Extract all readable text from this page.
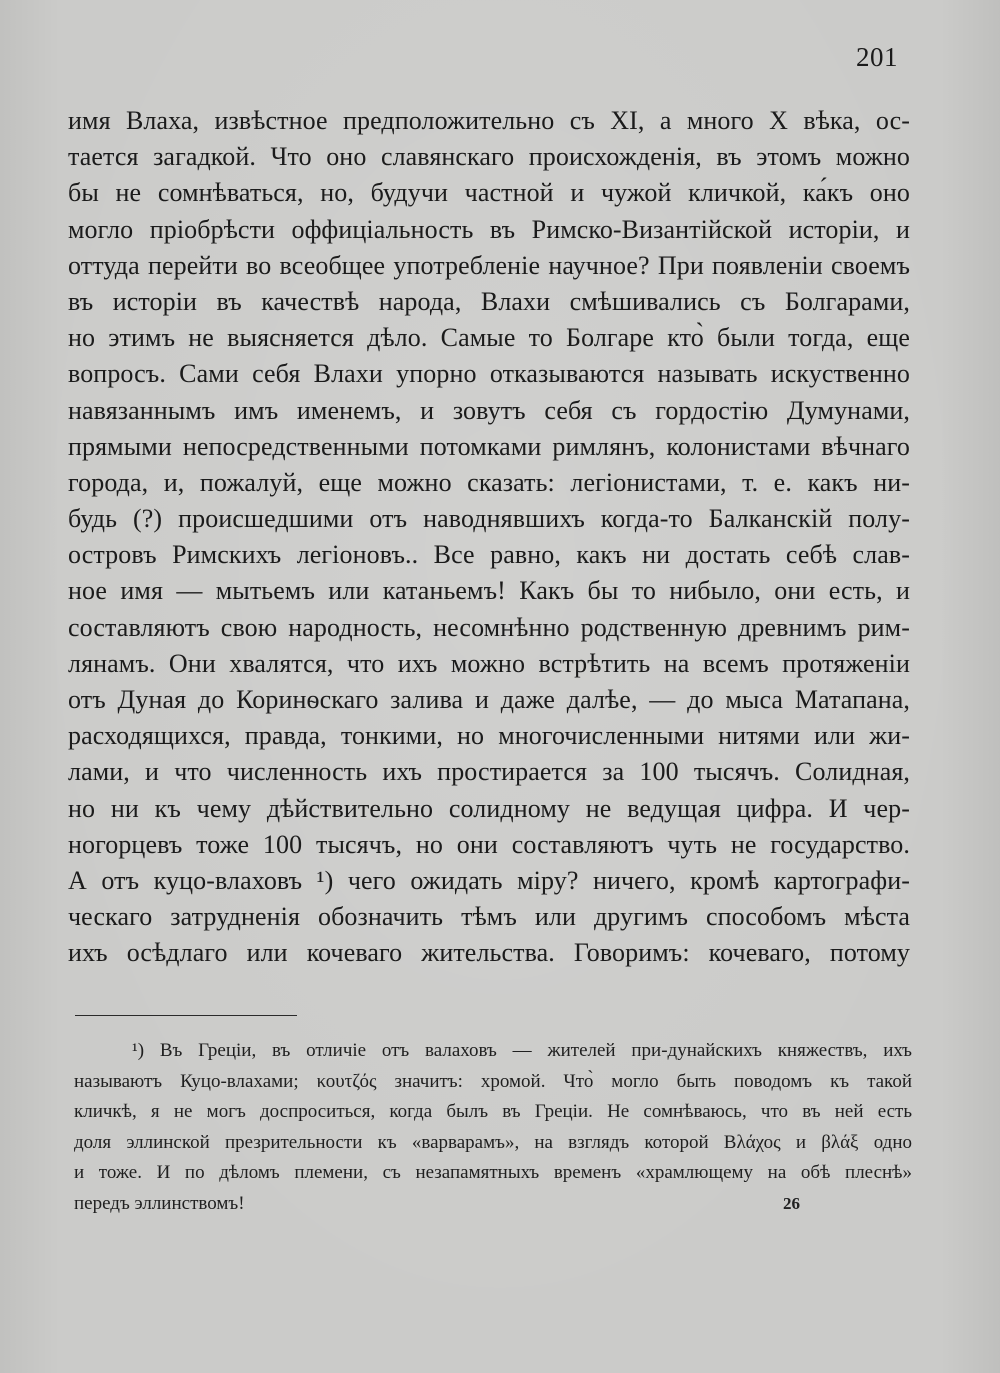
201
имя Влаха, извѣстное предположительно съ XI, а много X вѣка, ос-
тается загадкой. Что оно славянскаго происхожденія, въ этомъ можно
бы не сомнѣваться, но, будучи частной и чужой кличкой, ка́къ оно
могло пріобрѣсти оффиціальность въ Римско-Византійской исторіи, и
оттуда перейти во всеобщее употребленіе научное? При появленіи своемъ
въ исторіи въ качествѣ народа, Влахи смѣшивались съ Болгарами,
но этимъ не выясняется дѣло. Самые то Болгаре кто̀ были тогда, еще
вопросъ. Сами себя Влахи упорно отказываются называть искуственно
навязаннымъ имъ именемъ, и зовутъ себя съ гордостію Думунами,
прямыми непосредственными потомками римлянъ, колонистами вѣчнаго
города, и, пожалуй, еще можно сказать: легіонистами, т. е. какъ ни-
будь (?) происшедшими отъ наводнявшихъ когда-то Балканскій полу-
островъ Римскихъ легіоновъ.. Все равно, какъ ни достать себѣ слав-
ное имя — мытьемъ или катаньемъ! Какъ бы то нибыло, они есть, и
составляютъ свою народность, несомнѣнно родственную древнимъ рим-
лянамъ. Они хвалятся, что ихъ можно встрѣтить на всемъ протяженіи
отъ Дуная до Коринѳскаго залива и даже далѣе, — до мыса Матапана,
расходящихся, правда, тонкими, но многочисленными нитями или жи-
лами, и что численность ихъ простирается за 100 тысячъ. Солидная,
но ни къ чему дѣйствительно солидному не ведущая цифра. И чер-
ногорцевъ тоже 100 тысячъ, но они составляютъ чуть не государство.
А отъ куцо-влаховъ ¹) чего ожидать міру? ничего, кромѣ картографи-
ческаго затрудненія обозначить тѣмъ или другимъ способомъ мѣста
ихъ осѣдлаго или кочеваго жительства. Говоримъ: кочеваго, потому
¹) Въ Греціи, въ отличіе отъ валаховъ — жителей при-дунайскихъ княжествъ, ихъ
называютъ Куцо-влахами; κουτζός значитъ: хромой. Что̀ могло быть поводомъ къ такой
кличкѣ, я не могъ доспроситься, когда былъ въ Греціи. Не сомнѣваюсь, что въ ней есть
доля эллинской презрительности къ «варварамъ», на взглядъ которой Βλάχος и βλάξ одно
и тоже. И по дѣломъ племени, съ незапамятныхъ временъ «храмлющему на обѣ плеснѣ»
передъ эллинствомъ!	26
